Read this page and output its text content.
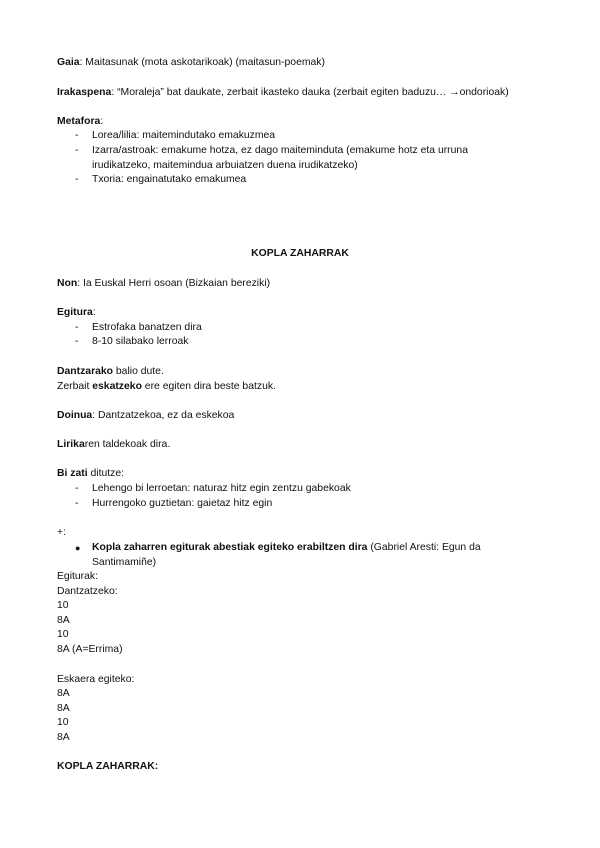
Gaia: Maitasunak (mota askotarikoak) (maitasun-poemak)
Irakaspena: “Moraleja” bat daukate, zerbait ikasteko dauka (zerbait egiten baduzu… →ondorioak)
Metafora:
- Lorea/lilia: maitemindutako emakuzmea
- Izarra/astroak: emakume hotza, ez dago maiteminduta (emakume hotz eta urruna
irudikatzeko, maitemindua arbuiatzen duena irudikatzeko)
- Txoria: engainatutako emakumea
KOPLA ZAHARRAK
Non: Ia Euskal Herri osoan (Bizkaian bereziki)
Egitura:
- Estrofaka banatzen dira
- 8-10 silabako lerroak
Dantzarako balio dute.
Zerbait eskatzeko ere egiten dira beste batzuk.
Doinua: Dantzatzekoa, ez da eskekoa
Lirikaren taldekoak dira.
Bi zati ditutze:
- Lehengo bi lerroetan: naturaz hitz egin zentzu gabekoak
- Hurrengoko guztietan: gaietaz hitz egin
+:
● Kopla zaharren egiturak abestiak egiteko erabiltzen dira (Gabriel Aresti: Egun da
Santimamiñe)
Egiturak:
Dantzatzeko:
10
8A
10
8A (A=Errima)
Eskaera egiteko:
8A
8A
10
8A
KOPLA ZAHARRAK:
